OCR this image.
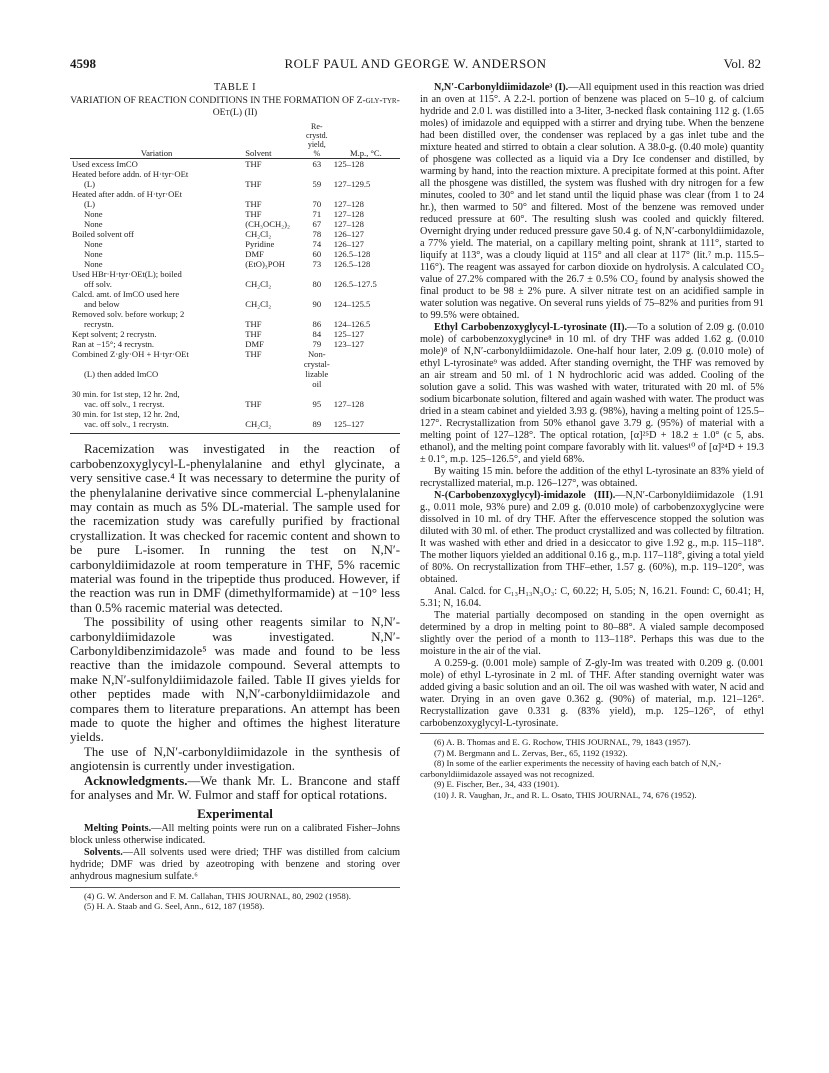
4598	ROLF PAUL AND GEORGE W. ANDERSON	Vol. 82
TABLE I
VARIATION OF REACTION CONDITIONS IN THE FORMATION OF Z-gly-tyr-OEt(L) (II)
Variation	Solvent	Re-crystd. yield, %	M.p., °C.
Used excess ImCO	THF	63	125–128
Heated before addn. of H·tyr·OEt			
(L)	THF	59	127–129.5
Heated after addn. of H·tyr·OEt			
(L)	THF	70	127–128
None	THF	71	127–128
None	(CH₃OCH₂)₂	67	127–128
Boiled solvent off	CH₂Cl₂	78	126–127
None	Pyridine	74	126–127
None	DMF	60	126.5–128
None	(EtO)₃POH	73	126.5–128
Used HBr·H·tyr·OEt(L); boiled			
off solv.	CH₂Cl₂	80	126.5–127.5
Calcd. amt. of ImCO used here			
and below	CH₂Cl₂	90	124–125.5
Removed solv. before workup; 2			
recrystn.	THF	86	124–126.5
Kept solvent; 2 recrystn.	THF	84	125–127
Ran at −15°; 4 recrystn.	DMF	79	123–127
Combined Z·gly·OH + H·tyr·OEt	THF	Non-crystal-	
(L) then added ImCO		lizable oil	
30 min. for 1st step, 12 hr. 2nd,			
vac. off solv., 1 recryst.	THF	95	127–128
30 min. for 1st step, 12 hr. 2nd,			
vac. off solv., 1 recrystn.	CH₂Cl₂	89	125–127

Racemization was investigated in the reaction of carbobenzoxyglycyl-L-phenylalanine and ethyl glycinate, a very sensitive case.⁴ It was necessary to determine the purity of the phenylalanine derivative since commercial L-phenylalanine may contain as much as 5% DL-material. The sample used for the racemization study was carefully purified by fractional crystallization. It was checked for racemic content and shown to be pure L-isomer. In running the test on N,N′-carbonyldiimidazole at room temperature in THF, 5% racemic material was found in the tripeptide thus produced. However, if the reaction was run in DMF (dimethylformamide) at −10° less than 0.5% racemic material was detected.

The possibility of using other reagents similar to N,N′-carbonyldiimidazole was investigated. N,N′-Carbonyldibenzimidazole⁵ was made and found to be less reactive than the imidazole compound. Several attempts to make N,N′-sulfonyldiimidazole failed. Table II gives yields for other peptides made with N,N′-carbonyldiimidazole and compares them to literature preparations. An attempt has been made to quote the higher and oftimes the highest literature yields.

The use of N,N′-carbonyldiimidazole in the synthesis of angiotensin is currently under investigation.

Acknowledgments.—We thank Mr. L. Brancone and staff for analyses and Mr. W. Fulmor and staff for optical rotations.

Experimental

Melting Points.—All melting points were run on a calibrated Fisher–Johns block unless otherwise indicated.

Solvents.—All solvents used were dried; THF was distilled from calcium hydride; DMF was dried by azeotroping with benzene and storing over anhydrous magnesium sulfate.⁶

(4) G. W. Anderson and F. M. Callahan, THIS JOURNAL, 80, 2902 (1958).
(5) H. A. Staab and G. Seel, Ann., 612, 187 (1958).

N,N′-Carbonyldiimidazole³ (I).—All equipment used in this reaction was dried in an oven at 115°. A 2.2-l. portion of benzene was placed on 5–10 g. of calcium hydride and 2.0 l. was distilled into a 3-liter, 3-necked flask containing 112 g. (1.65 moles) of imidazole and equipped with a stirrer and drying tube. When the benzene had been distilled over, the condenser was replaced by a gas inlet tube and the mixture heated and stirred to obtain a clear solution. A 38.0-g. (0.40 mole) quantity of phosgene was collected as a liquid via a Dry Ice condenser and distilled, by warming by hand, into the reaction mixture. A precipitate formed at this point. After all the phosgene was distilled, the system was flushed with dry nitrogen for a few minutes, cooled to 30° and let stand until the liquid phase was clear (from 1 to 24 hr.), then warmed to 50° and filtered. Most of the benzene was removed under reduced pressure at 60°. The resulting slush was cooled and quickly filtered. Overnight drying under reduced pressure gave 50.4 g. of N,N′-carbonyldiimidazole, a 77% yield. The material, on a capillary melting point, shrank at 111°, started to liquify at 113°, was a cloudy liquid at 115° and all clear at 117° (lit.⁷ m.p. 115.5–116°). The reagent was assayed for carbon dioxide on hydrolysis. A calculated CO₂ value of 27.2% compared with the 26.7 ± 0.5% CO₂ found by analysis showed the final product to be 98 ± 2% pure. A silver nitrate test on an acidified sample in water solution was negative. On several runs yields of 75–82% and purities from 91 to 99.5% were obtained.

Ethyl Carbobenzoxyglycyl-L-tyrosinate (II).—To a solution of 2.09 g. (0.010 mole) of carbobenzoxyglycine⁸ in 10 ml. of dry THF was added 1.62 g. (0.010 mole)⁸ of N,N′-carbonyldiimidazole. One-half hour later, 2.09 g. (0.010 mole) of ethyl L-tyrosinate⁹ was added. After standing overnight, the THF was removed by an air stream and 50 ml. of 1 N hydrochloric acid was added. Cooling of the solution gave a solid. This was washed with water, triturated with 20 ml. of 5% sodium bicarbonate solution, filtered and again washed with water. The product was dried in a steam cabinet and yielded 3.93 g. (98%), having a melting point of 125.5–127°. Recrystallization from 50% ethanol gave 3.79 g. (95%) of material with a melting point of 127–128°. The optical rotation, [α]²⁵D + 18.2 ± 1.0° (c 5, abs. ethanol), and the melting point compare favorably with lit. values¹⁰ of [α]²⁴D + 19.3 ± 0.1°, m.p. 125–126.5°, and yield 68%.

By waiting 15 min. before the addition of the ethyl L-tyrosinate an 83% yield of recrystallized material, m.p. 126–127°, was obtained.

N-(Carbobenzoxyglycyl)-imidazole (III).—N,N′-Carbonyldiimidazole (1.91 g., 0.011 mole, 93% pure) and 2.09 g. (0.010 mole) of carbobenzoxyglycine were dissolved in 10 ml. of dry THF. After the effervescence stopped the solution was diluted with 30 ml. of ether. The product crystallized and was collected by filtration. It was washed with ether and dried in a desiccator to give 1.92 g., m.p. 115–118°. The mother liquors yielded an additional 0.16 g., m.p. 117–118°, giving a total yield of 80%. On recrystallization from THF–ether, 1.57 g. (60%), m.p. 119–120°, was obtained.

Anal. Calcd. for C₁₃H₁₃N₃O₃: C, 60.22; H, 5.05; N, 16.21. Found: C, 60.41; H, 5.31; N, 16.04.

The material partially decomposed on standing in the open overnight as determined by a drop in melting point to 80–88°. A vialed sample decomposed slightly over the period of a month to 113–118°. Perhaps this was due to the moisture in the air of the vial.

A 0.259-g. (0.001 mole) sample of Z-gly-Im was treated with 0.209 g. (0.001 mole) of ethyl L-tyrosinate in 2 ml. of THF. After standing overnight water was added giving a basic solution and an oil. The oil was washed with water, N acid and water. Drying in an oven gave 0.362 g. (90%) of material, m.p. 121–126°. Recrystallization gave 0.331 g. (83% yield), m.p. 125–126°, of ethyl carbobenzoxyglycyl-L-tyrosinate.

(6) A. B. Thomas and E. G. Rochow, THIS JOURNAL, 79, 1843 (1957).
(7) M. Bergmann and L. Zervas, Ber., 65, 1192 (1932).
(8) In some of the earlier experiments the necessity of having each batch of N,N,-carbonyldiimidazole assayed was not recognized.
(9) E. Fischer, Ber., 34, 433 (1901).
(10) J. R. Vaughan, Jr., and R. L. Osato, THIS JOURNAL, 74, 676 (1952).
